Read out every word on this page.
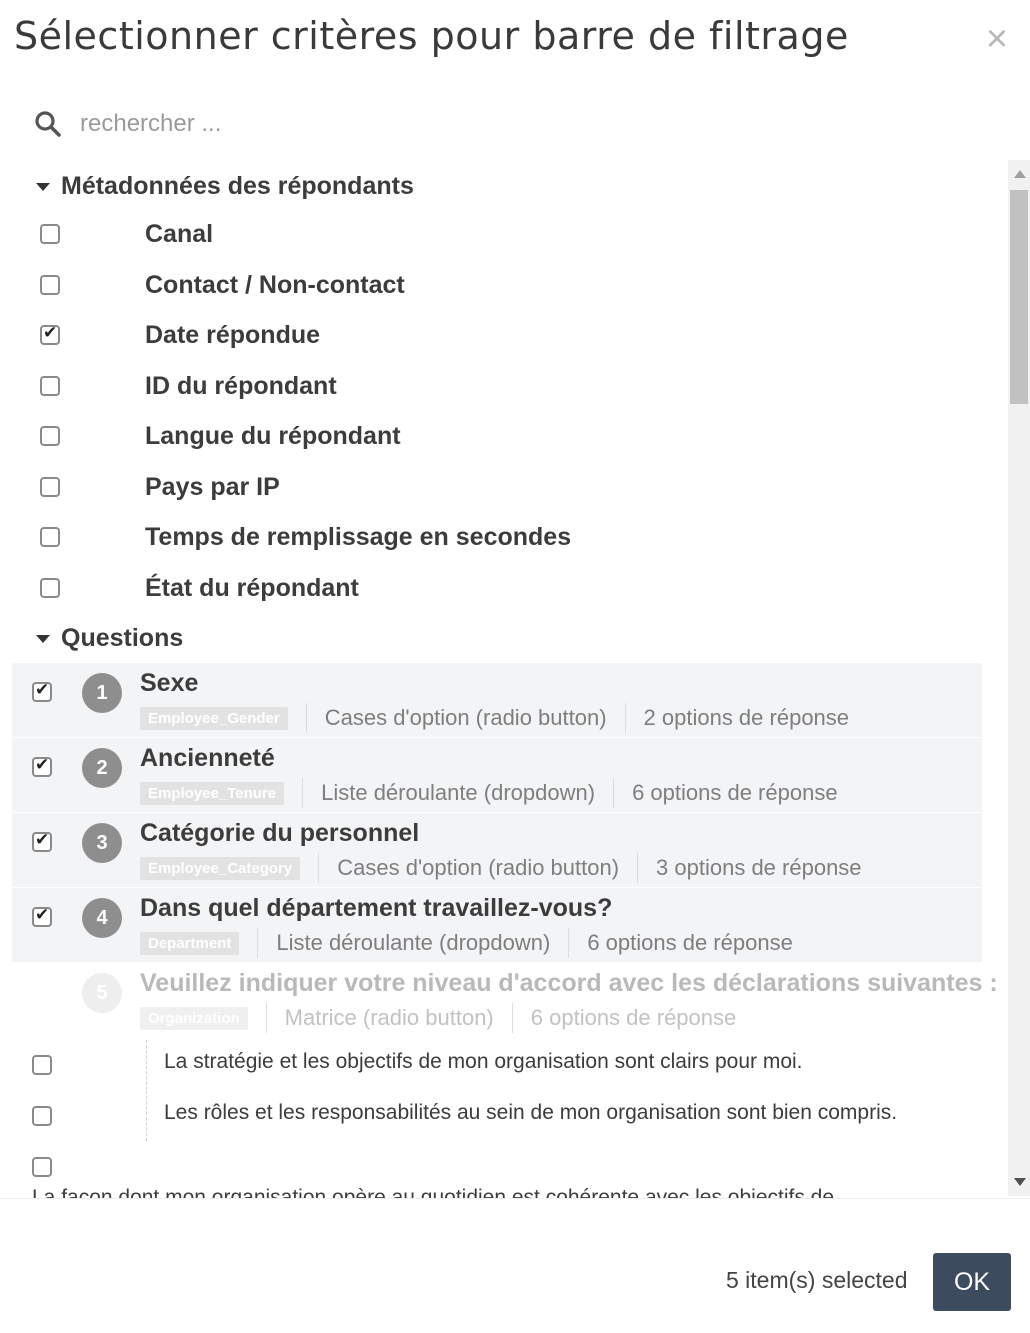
Sélectionner critères pour barre de filtrage	×
rechercher ...
Métadonnées des répondants
Canal
Contact / Non-contact
✔
Date répondue
ID du répondant
Langue du répondant
Pays par IP
Temps de remplissage en secondes
État du répondant
Questions
✔
1	Sexe
Employee_Gender	Cases d'option (radio button) 2 options de réponse
✔
2	Ancienneté
Employee_Tenure	Liste déroulante (dropdown) 6 options de réponse
✔
3	Catégorie du personnel
Employee_Category	Cases d'option (radio button) 3 options de réponse
✔
4	Dans quel département travaillez-vous?
Department	Liste déroulante (dropdown) 6 options de réponse
5	Veuillez indiquer votre niveau d'accord avec les déclarations suivantes :
Organization	Matrice (radio button) 6 options de réponse
La stratégie et les objectifs de mon organisation sont clairs pour moi.
Les rôles et les responsabilités au sein de mon organisation sont bien compris.
5 item(s) selected	OK
